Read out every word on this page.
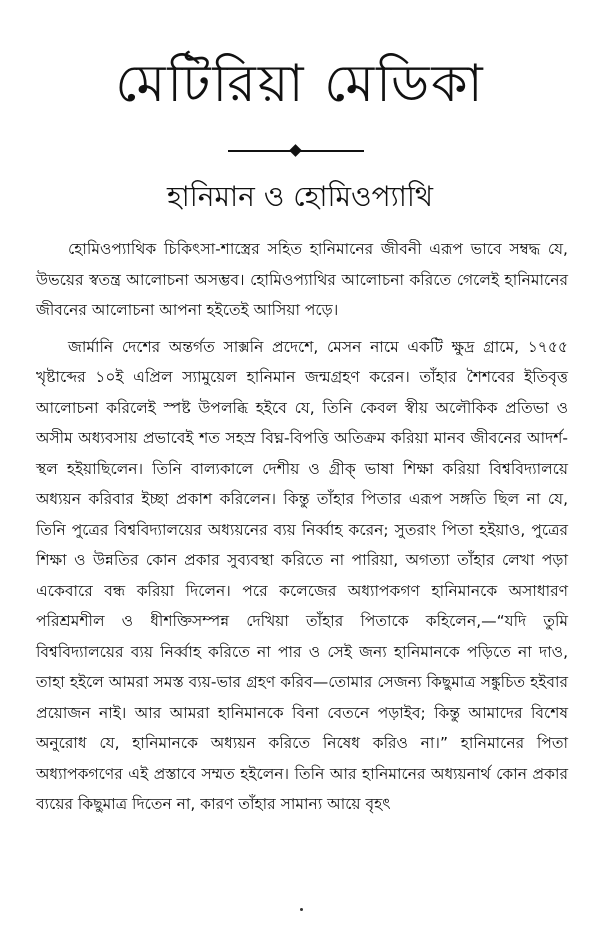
মেটিরিয়া মেডিকা
হানিমান ও হোমিওপ্যাথি

হোমিওপ্যাথিক চিকিৎসা-শাস্ত্রের সহিত হানিমানের জীবনী এরূপ ভাবে সম্বদ্ধ যে, উভয়ের স্বতন্ত্র আলোচনা অসম্ভব। হোমিওপ্যাথির আলোচনা করিতে গেলেই হানিমানের জীবনের আলোচনা আপনা হইতেই আসিয়া পড়ে।

জার্মানি দেশের অন্তর্গত সাক্সনি প্রদেশে, মেসন নামে একটি ক্ষুদ্র গ্রামে, ১৭৫৫ খৃষ্টাব্দের ১০ই এপ্রিল স্যামুয়েল হানিমান জন্মগ্রহণ করেন। তাঁহার শৈশবের ইতিবৃত্ত আলোচনা করিলেই স্পষ্ট উপলব্ধি হইবে যে, তিনি কেবল স্বীয় অলৌকিক প্রতিভা ও অসীম অধ্যবসায় প্রভাবেই শত সহস্র বিঘ্ন-বিপত্তি অতিক্রম করিয়া মানব জীবনের আদর্শ-স্থল হইয়াছিলেন। তিনি বাল্যকালে দেশীয় ও গ্রীক্ ভাষা শিক্ষা করিয়া বিশ্ববিদ্যালয়ে অধ্যয়ন করিবার ইচ্ছা প্রকাশ করিলেন। কিন্তু তাঁহার পিতার এরূপ সঙ্গতি ছিল না যে, তিনি পুত্রের বিশ্ববিদ্যালয়ের অধ্যয়নের ব্যয় নির্ব্বাহ করেন; সুতরাং পিতা হইয়াও, পুত্রের শিক্ষা ও উন্নতির কোন প্রকার সুব্যবস্থা করিতে না পারিয়া, অগত্যা তাঁহার লেখা পড়া একেবারে বন্ধ করিয়া দিলেন। পরে কলেজের অধ্যাপকগণ হানিমানকে অসাধারণ পরিশ্রমশীল ও ধীশক্তিসম্পন্ন দেখিয়া তাঁহার পিতাকে কহিলেন,—“যদি তুমি বিশ্ববিদ্যালয়ের ব্যয় নির্ব্বাহ করিতে না পার ও সেই জন্য হানিমানকে পড়িতে না দাও, তাহা হইলে আমরা সমস্ত ব্যয়-ভার গ্রহণ করিব—তোমার সেজন্য কিছুমাত্র সঙ্কুচিত হইবার প্রয়োজন নাই। আর আমরা হানিমানকে বিনা বেতনে পড়াইব; কিন্তু আমাদের বিশেষ অনুরোধ যে, হানিমানকে অধ্যয়ন করিতে নিষেধ করিও না।” হানিমানের পিতা অধ্যাপকগণের এই প্রস্তাবে সম্মত হইলেন। তিনি আর হানিমানের অধ্যয়নার্থ কোন প্রকার ব্যয়ের কিছুমাত্র দিতেন না, কারণ তাঁহার সামান্য আয়ে বৃহৎ
